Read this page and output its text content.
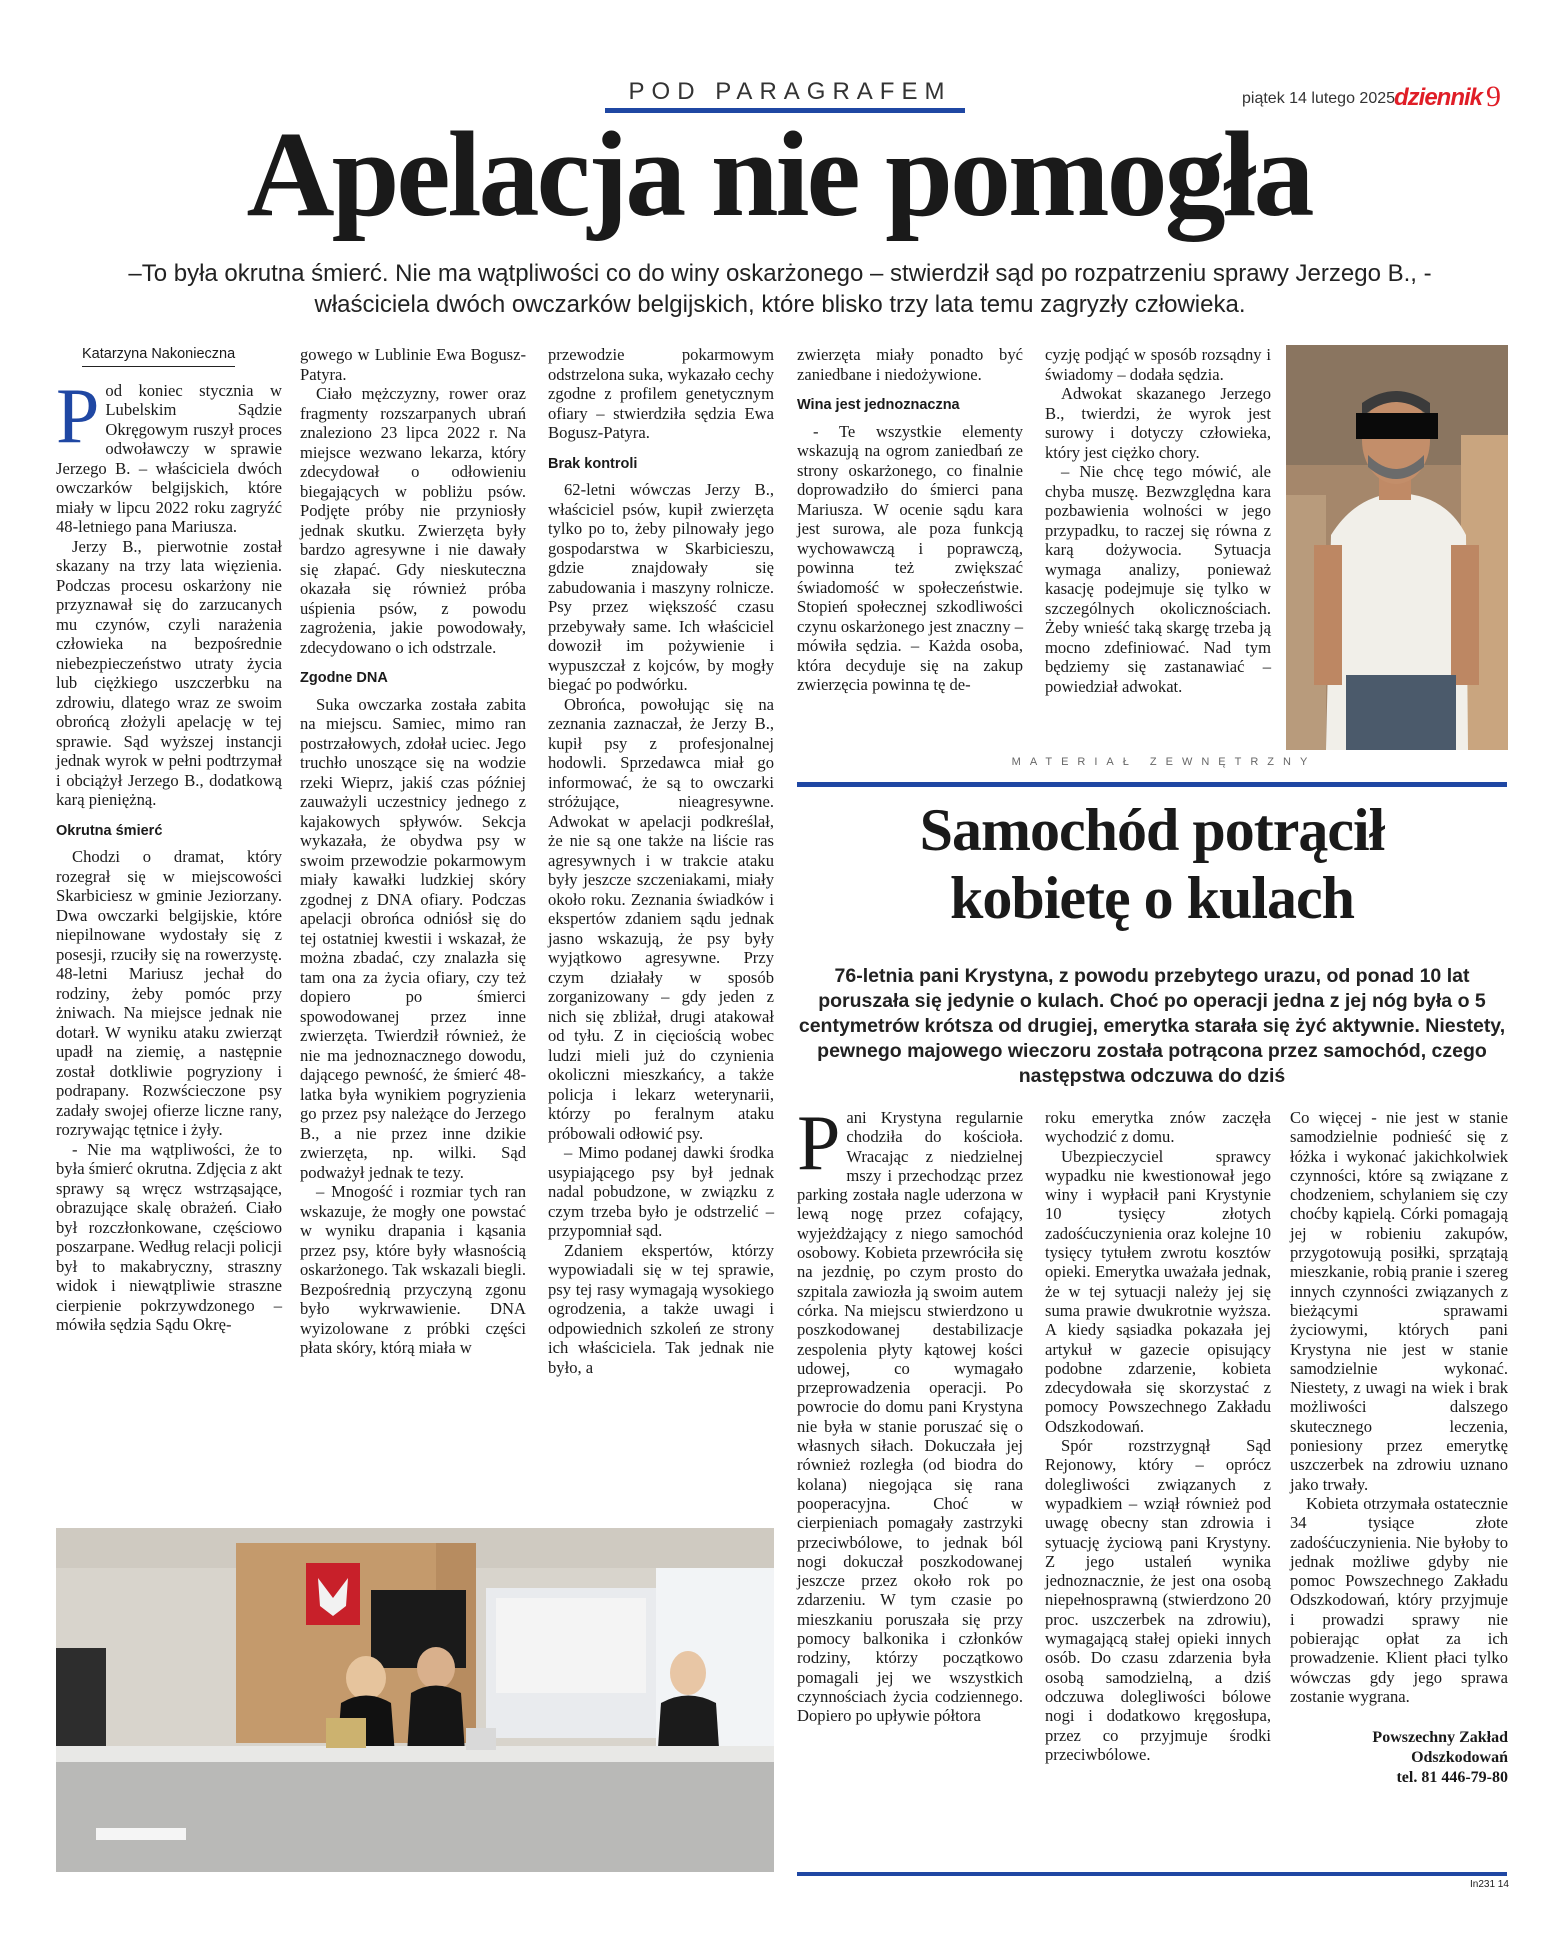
POD PARAGRAFEM	piątek 14 lutego 2025
dziennik 9
Apelacja nie pomogła
–To była okrutna śmierć. Nie ma wątpliwości co do winy oskarżonego – stwierdził sąd po rozpatrzeniu sprawy Jerzego B., - właściciela dwóch owczarków belgijskich, które blisko trzy lata temu zagryzły człowieka.
Katarzyna Nakonieczna

Pod koniec stycznia w Lubelskim Sądzie Okręgowym ruszył proces odwoławczy w sprawie Jerzego B. – właściciela dwóch owczarków belgijskich, które miały w lipcu 2022 roku zagryźć 48-letniego pana Mariusza.

Jerzy B., pierwotnie został skazany na trzy lata więzienia. Podczas procesu oskarżony nie przyznawał się do zarzucanych mu czynów, czyli narażenia człowieka na bezpośrednie niebezpieczeństwo utraty życia lub ciężkiego uszczerbku na zdrowiu, dlatego wraz ze swoim obrońcą złożyli apelację w tej sprawie. Sąd wyższej instancji jednak wyrok w pełni podtrzymał i obciążył Jerzego B., dodatkową karą pieniężną.

Okrutna śmierć

Chodzi o dramat, który rozegrał się w miejscowości Skarbiciesz w gminie Jeziorzany. Dwa owczarki belgijskie, które niepilnowane wydostały się z posesji, rzuciły się na rowerzystę. 48-letni Mariusz jechał do rodziny, żeby pomóc przy żniwach. Na miejsce jednak nie dotarł. W wyniku ataku zwierząt upadł na ziemię, a następnie został dotkliwie pogryziony i podrapany. Rozwścieczone psy zadały swojej ofierze liczne rany, rozrywając tętnice i żyły.

- Nie ma wątpliwości, że to była śmierć okrutna. Zdjęcia z akt sprawy są wręcz wstrząsające, obrazujące skalę obrażeń. Ciało był rozczłonkowane, częściowo poszarpane. Według relacji policji był to makabryczny, straszny widok i niewątpliwie straszne cierpienie pokrzywdzonego – mówiła sędzia Sądu Okrę-

gowego w Lublinie Ewa Bogusz-Patyra.

Ciało mężczyzny, rower oraz fragmenty rozszarpanych ubrań znaleziono 23 lipca 2022 r. Na miejsce wezwano lekarza, który zdecydował o odłowieniu biegających w pobliżu psów. Podjęte próby nie przyniosły jednak skutku. Zwierzęta były bardzo agresywne i nie dawały się złapać. Gdy nieskuteczna okazała się również próba uśpienia psów, z powodu zagrożenia, jakie powodowały, zdecydowano o ich odstrzale.

Zgodne DNA

Suka owczarka została zabita na miejscu. Samiec, mimo ran postrzałowych, zdołał uciec. Jego truchło unoszące się na wodzie rzeki Wieprz, jakiś czas później zauważyli uczestnicy jednego z kajakowych spływów. Sekcja wykazała, że obydwa psy w swoim przewodzie pokarmowym miały kawałki ludzkiej skóry zgodnej z DNA ofiary. Podczas apelacji obrońca odniósł się do tej ostatniej kwestii i wskazał, że można zbadać, czy znalazła się tam ona za życia ofiary, czy też dopiero po śmierci spowodowanej przez inne zwierzęta. Twierdził również, że nie ma jednoznacznego dowodu, dającego pewność, że śmierć 48-latka była wynikiem pogryzienia go przez psy należące do Jerzego B., a nie przez inne dzikie zwierzęta, np. wilki. Sąd podważył jednak te tezy.

– Mnogość i rozmiar tych ran wskazuje, że mogły one powstać w wyniku drapania i kąsania przez psy, które były własnością oskarżonego. Tak wskazali biegli. Bezpośrednią przyczyną zgonu było wykrwawienie. DNA wyizolowane z próbki części płata skóry, którą miała w

przewodzie pokarmowym odstrzelona suka, wykazało cechy zgodne z profilem genetycznym ofiary – stwierdziła sędzia Ewa Bogusz-Patyra.

Brak kontroli

62-letni wówczas Jerzy B., właściciel psów, kupił zwierzęta tylko po to, żeby pilnowały jego gospodarstwa w Skarbicieszu, gdzie znajdowały się zabudowania i maszyny rolnicze. Psy przez większość czasu przebywały same. Ich właściciel dowoził im pożywienie i wypuszczał z kojców, by mogły biegać po podwórku.

Obrońca, powołując się na zeznania zaznaczał, że Jerzy B., kupił psy z profesjonalnej hodowli. Sprzedawca miał go informować, że są to owczarki stróżujące, nieagresywne. Adwokat w apelacji podkreślał, że nie są one także na liście ras agresywnych i w trakcie ataku były jeszcze szczeniakami, miały około roku. Zeznania świadków i ekspertów zdaniem sądu jednak jasno wskazują, że psy były wyjątkowo agresywne. Przy czym działały w sposób zorganizowany – gdy jeden z nich się zbliżał, drugi atakował od tyłu. Z in cięciością wobec ludzi mieli już do czynienia okoliczni mieszkańcy, a także policja i lekarz weterynarii, którzy po feralnym ataku próbowali odłowić psy.

– Mimo podanej dawki środka usypiającego psy był jednak nadal pobudzone, w związku z czym trzeba było je odstrzelić – przypomniał sąd.

Zdaniem ekspertów, którzy wypowiadali się w tej sprawie, psy tej rasy wymagają wysokiego ogrodzenia, a także uwagi i odpowiednich szkoleń ze strony ich właściciela. Tak jednak nie było, a

zwierzęta miały ponadto być zaniedbane i niedożywione.

Wina jest jednoznaczna

- Te wszystkie elementy wskazują na ogrom zaniedbań ze strony oskarżonego, co finalnie doprowadziło do śmierci pana Mariusza. W ocenie sądu kara jest surowa, ale poza funkcją wychowawczą i poprawczą, powinna też zwiększać świadomość w społeczeństwie. Stopień społecznej szkodliwości czynu oskarżonego jest znaczny – mówiła sędzia. – Każda osoba, która decyduje się na zakup zwierzęcia powinna tę de-

cyzję podjąć w sposób rozsądny i świadomy – dodała sędzia.

Adwokat skazanego Jerzego B., twierdzi, że wyrok jest surowy i dotyczy człowieka, który jest ciężko chory.

– Nie chcę tego mówić, ale chyba muszę. Bezwzględna kara pozbawienia wolności w jego przypadku, to raczej się równa z karą dożywocia. Sytuacja wymaga analizy, ponieważ kasację podejmuje się tylko w szczególnych okolicznościach. Żeby wnieść taką skargę trzeba ją mocno zdefiniować. Nad tym będziemy się zastanawiać – powiedział adwokat.

MATERIAŁ ZEWNĘTRZNY
Samochód potrącił
kobietę o kulach
76-letnia pani Krystyna, z powodu przebytego urazu, od ponad 10 lat poruszała się jedynie o kulach. Choć po operacji jedna z jej nóg była o 5 centymetrów krótsza od drugiej, emerytka starała się żyć aktywnie. Niestety, pewnego majowego wieczoru została potrącona przez samochód, czego następstwa odczuwa do dziś

Pani Krystyna regularnie chodziła do kościoła. Wracając z niedzielnej mszy i przechodząc przez parking została nagle uderzona w lewą nogę przez cofający, wyjeżdżający z niego samochód osobowy. Kobieta przewróciła się na jezdnię, po czym prosto do szpitala zawiozła ją swoim autem córka. Na miejscu stwierdzono u poszkodowanej destabilizacje zespolenia płyty kątowej kości udowej, co wymagało przeprowadzenia operacji. Po powrocie do domu pani Krystyna nie była w stanie poruszać się o własnych siłach. Dokuczała jej również rozległa (od biodra do kolana) niegojąca się rana pooperacyjna. Choć w cierpieniach pomagały zastrzyki przeciwbólowe, to jednak ból nogi dokuczał poszkodowanej jeszcze przez około rok po zdarzeniu. W tym czasie po mieszkaniu poruszała się przy pomocy balkonika i członków rodziny, którzy początkowo pomagali jej we wszystkich czynnościach życia codziennego. Dopiero po upływie półtora

roku emerytka znów zaczęła wychodzić z domu.

Ubezpieczyciel sprawcy wypadku nie kwestionował jego winy i wypłacił pani Krystynie 10 tysięcy złotych zadośćuczynienia oraz kolejne 10 tysięcy tytułem zwrotu kosztów opieki. Emerytka uważała jednak, że w tej sytuacji należy jej się suma prawie dwukrotnie wyższa. A kiedy sąsiadka pokazała jej artykuł w gazecie opisujący podobne zdarzenie, kobieta zdecydowała się skorzystać z pomocy Powszechnego Zakładu Odszkodowań.

Spór rozstrzygnął Sąd Rejonowy, który – oprócz dolegliwości związanych z wypadkiem – wziął również pod uwagę obecny stan zdrowia i sytuację życiową pani Krystyny. Z jego ustaleń wynika jednoznacznie, że jest ona osobą niepełnosprawną (stwierdzono 20 proc. uszczerbek na zdrowiu), wymagającą stałej opieki innych osób. Do czasu zdarzenia była osobą samodzielną, a dziś odczuwa dolegliwości bólowe nogi i dodatkowo kręgosłupa, przez co przyjmuje środki przeciwbólowe.

Co więcej - nie jest w stanie samodzielnie podnieść się z łóżka i wykonać jakichkolwiek czynności, które są związane z chodzeniem, schylaniem się czy choćby kąpielą. Córki pomagają jej w robieniu zakupów, przygotowują posiłki, sprzątają mieszkanie, robią pranie i szereg innych czynności związanych z bieżącymi sprawami życiowymi, których pani Krystyna nie jest w stanie samodzielnie wykonać. Niestety, z uwagi na wiek i brak możliwości dalszego skutecznego leczenia, poniesiony przez emerytkę uszczerbek na zdrowiu uznano jako trwały.

Kobieta otrzymała ostatecznie 34 tysiące złote zadośćuczynienia. Nie byłoby to jednak możliwe gdyby nie pomoc Powszechnego Zakładu Odszkodowań, który przyjmuje i prowadzi sprawy nie pobierając opłat za ich prowadzenie. Klient płaci tylko wówczas gdy jego sprawa zostanie wygrana.

Powszechny Zakład
Odszkodowań
tel. 81 446-79-80
In231 14
